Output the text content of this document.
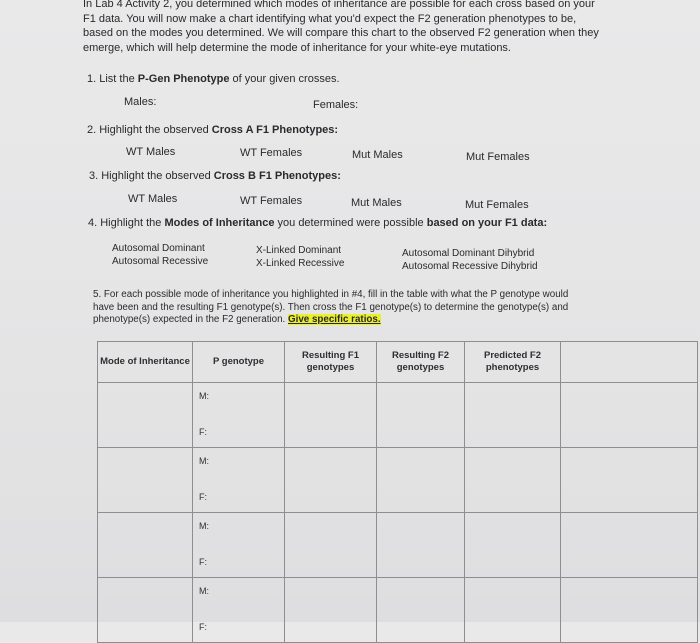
In Lab 4 Activity 2, you determined which modes of inheritance are possible for each cross based on your F1 data. You will now make a chart identifying what you'd expect the F2 generation phenotypes to be, based on the modes you determined. We will compare this chart to the observed F2 generation when they emerge, which will help determine the mode of inheritance for your white-eye mutations.
1. List the P-Gen Phenotype of your given crosses.
Males:	Females:
2. Highlight the observed Cross A F1 Phenotypes:
WT Males	WT Females	Mut Males	Mut Females
3. Highlight the observed Cross B F1 Phenotypes:
WT Males	WT Females	Mut Males	Mut Females
4. Highlight the Modes of Inheritance you determined were possible based on your F1 data:
Autosomal Dominant
Autosomal Recessive
X-Linked Dominant
X-Linked Recessive
Autosomal Dominant Dihybrid
Autosomal Recessive Dihybrid
5. For each possible mode of inheritance you highlighted in #4, fill in the table with what the P genotype would have been and the resulting F1 genotype(s). Then cross the F1 genotype(s) to determine the genotype(s) and phenotype(s) expected in the F2 generation. Give specific ratios.
Mode of Inheritance	P genotype	Resulting F1 genotypes	Resulting F2 genotypes	Predicted F2 phenotypes	

	M:
F:				

	M:
F:				

	M:
F:				

	M:
F:				
